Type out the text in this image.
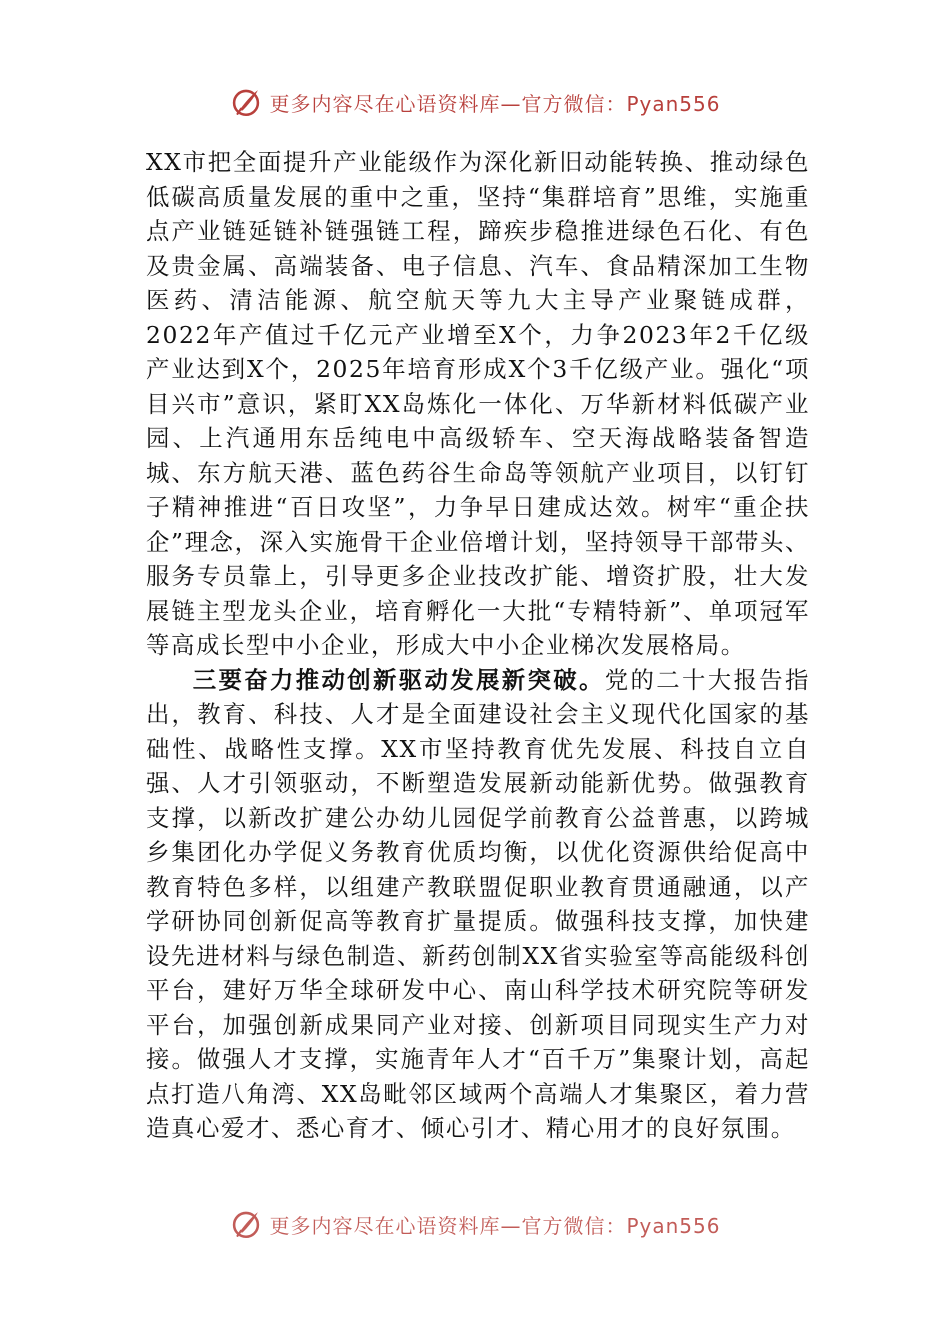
更多内容尽在心语资料库—官方微信：Pyan556

XX市把全面提升产业能级作为深化新旧动能转换、推动绿色低碳高质量发展的重中之重，坚持“集群培育”思维，实施重点产业链延链补链强链工程，蹄疾步稳推进绿色石化、有色及贵金属、高端装备、电子信息、汽车、食品精深加工生物医药、清洁能源、航空航天等九大主导产业聚链成群，2022年产值过千亿元产业增至X个，力争2023年2千亿级产业达到X个，2025年培育形成X个3千亿级产业。强化“项目兴市”意识，紧盯XX岛炼化一体化、万华新材料低碳产业园、上汽通用东岳纯电中高级轿车、空天海战略装备智造城、东方航天港、蓝色药谷生命岛等领航产业项目，以钉钉子精神推进“百日攻坚”，力争早日建成达效。树牢“重企扶企”理念，深入实施骨干企业倍增计划，坚持领导干部带头、服务专员靠上，引导更多企业技改扩能、增资扩股，壮大发展链主型龙头企业，培育孵化一大批“专精特新”、单项冠军等高成长型中小企业，形成大中小企业梯次发展格局。

三要奋力推动创新驱动发展新突破。党的二十大报告指出，教育、科技、人才是全面建设社会主义现代化国家的基础性、战略性支撑。XX市坚持教育优先发展、科技自立自强、人才引领驱动，不断塑造发展新动能新优势。做强教育支撑，以新改扩建公办幼儿园促学前教育公益普惠，以跨城乡集团化办学促义务教育优质均衡，以优化资源供给促高中教育特色多样，以组建产教联盟促职业教育贯通融通，以产学研协同创新促高等教育扩量提质。做强科技支撑，加快建设先进材料与绿色制造、新药创制XX省实验室等高能级科创平台，建好万华全球研发中心、南山科学技术研究院等研发平台，加强创新成果同产业对接、创新项目同现实生产力对接。做强人才支撑，实施青年人才“百千万”集聚计划，高起点打造八角湾、XX岛毗邻区域两个高端人才集聚区，着力营造真心爱才、悉心育才、倾心引才、精心用才的良好氛围。

更多内容尽在心语资料库—官方微信：Pyan556
